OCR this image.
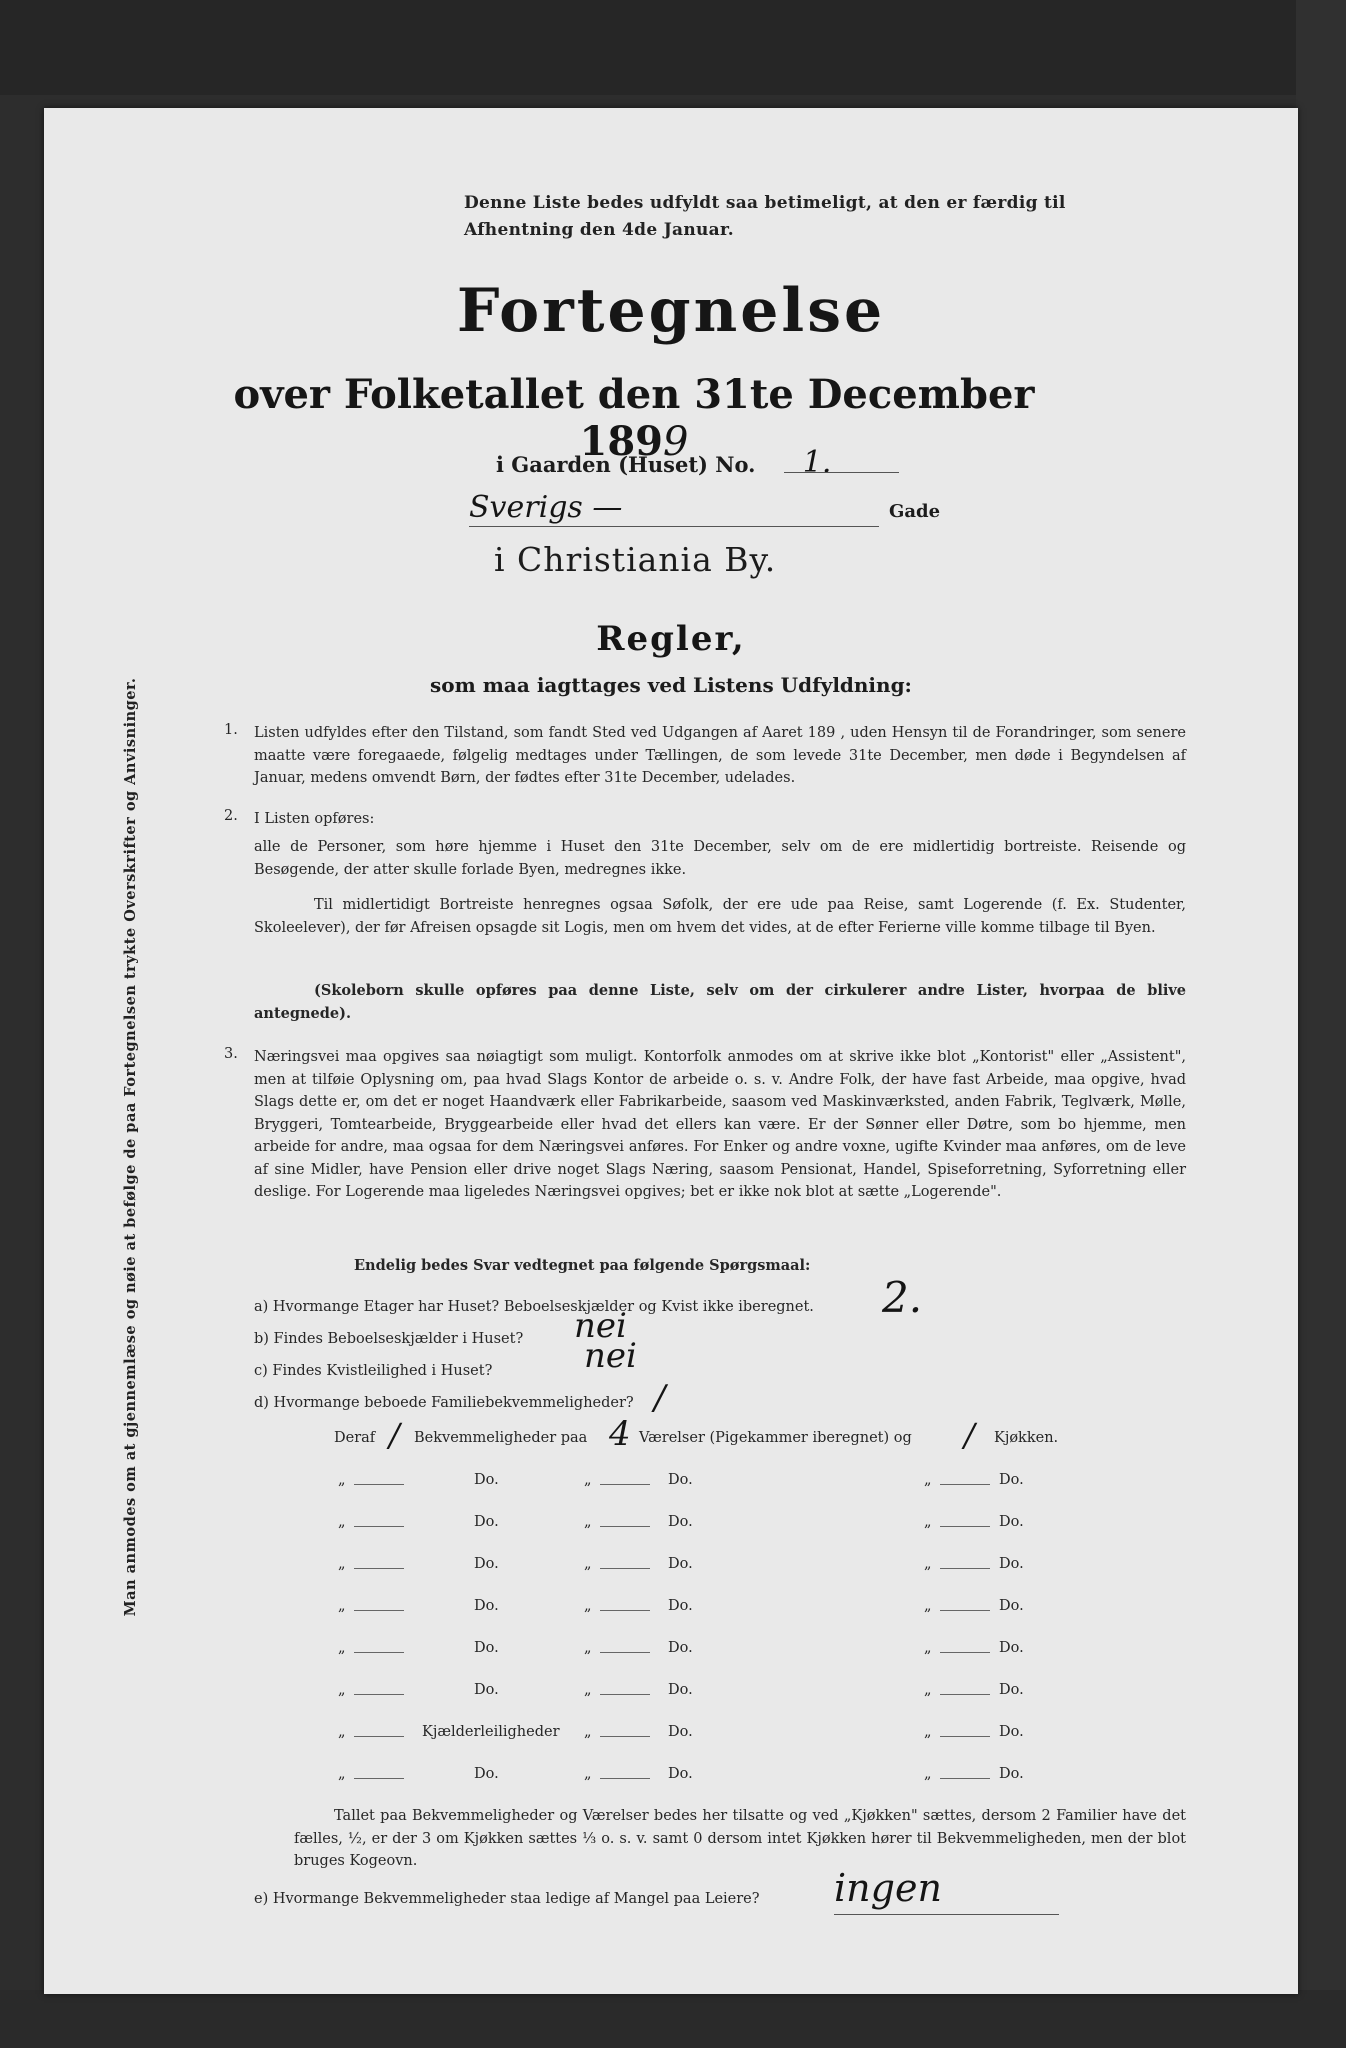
Man anmodes om at gjennemlæse og nøie at befølge de paa Fortegnelsen trykte Overskrifter og Anvisninger.
Denne Liste bedes udfyldt saa betimeligt, at den er færdig til
Afhentning den 4de Januar.
Fortegnelse
over Folketallet den 31te December 1899
i Gaarden (Huset) No. 1.
Sverigs —	Gade
i Christiania By.
Regler,
som maa iagttages ved Listens Udfyldning:
1. Listen udfyldes efter den Tilstand, som fandt Sted ved Udgangen af Aaret 189 , uden Hensyn til de Forandringer, som senere maatte være foregaaede, følgelig medtages under Tællingen, de som levede 31te December, men døde i Begyndelsen af Januar, medens omvendt Børn, der fødtes efter 31te December, udelades.
2. I Listen opføres:
alle de Personer, som høre hjemme i Huset den 31te December, selv om de ere midlertidig bortreiste. Reisende og Besøgende, der atter skulle forlade Byen, medregnes ikke.
Til midlertidigt Bortreiste henregnes ogsaa Søfolk, der ere ude paa Reise, samt Logerende (f. Ex. Studenter, Skoleelever), der før Afreisen opsagde sit Logis, men om hvem det vides, at de efter Ferierne ville komme tilbage til Byen.
(Skoleborn skulle opføres paa denne Liste, selv om der cirkulerer andre Lister, hvorpaa de blive antegnede).
3. Næringsvei maa opgives saa nøiagtigt som muligt. Kontorfolk anmodes om at skrive ikke blot „Kontorist" eller „Assistent", men at tilføie Oplysning om, paa hvad Slags Kontor de arbeide o. s. v. Andre Folk, der have fast Arbeide, maa opgive, hvad Slags dette er, om det er noget Haandværk eller Fabrikarbeide, saasom ved Maskinværksted, anden Fabrik, Teglværk, Mølle, Bryggeri, Tomtearbeide, Bryggearbeide eller hvad det ellers kan være. Er der Sønner eller Døtre, som bo hjemme, men arbeide for andre, maa ogsaa for dem Næringsvei anføres. For Enker og andre voxne, ugifte Kvinder maa anføres, om de leve af sine Midler, have Pension eller drive noget Slags Næring, saasom Pensionat, Handel, Spiseforretning, Syforretning eller deslige. For Logerende maa ligeledes Næringsvei opgives; bet er ikke nok blot at sætte „Logerende".
Endelig bedes Svar vedtegnet paa følgende Spørgsmaal:
a) Hvormange Etager har Huset? Beboelseskjælder og Kvist ikke iberegnet.	2.
b) Findes Beboelseskjælder i Huset?	nei
c) Findes Kvistleilighed i Huset?	nei
d) Hvormange beboede Familiebekvemmeligheder? /
Deraf / Bekvemmeligheder paa 4 Værelser (Pigekammer iberegnet) og / Kjøkken.
„	Do.	„	Do.	„	Do.
„	Do.	„	Do.	„	Do.
„	Do.	„	Do.	„	Do.
„	Do.	„	Do.	„	Do.
„	Do.	„	Do.	„	Do.
„	Do.	„	Do.	„	Do.
„	Kjælderleiligheder „	Do.	„	Do.
„	Do.	„	Do.	„	Do.
Tallet paa Bekvemmeligheder og Værelser bedes her tilsatte og ved „Kjøkken" sættes, dersom 2 Familier have det fælles, ½, er der 3 om Kjøkken sættes ⅓ o. s. v. samt 0 dersom intet Kjøkken hører til Bekvemmeligheden, men der blot bruges Kogeovn.
e) Hvormange Bekvemmeligheder staa ledige af Mangel paa Leiere?	ingen
